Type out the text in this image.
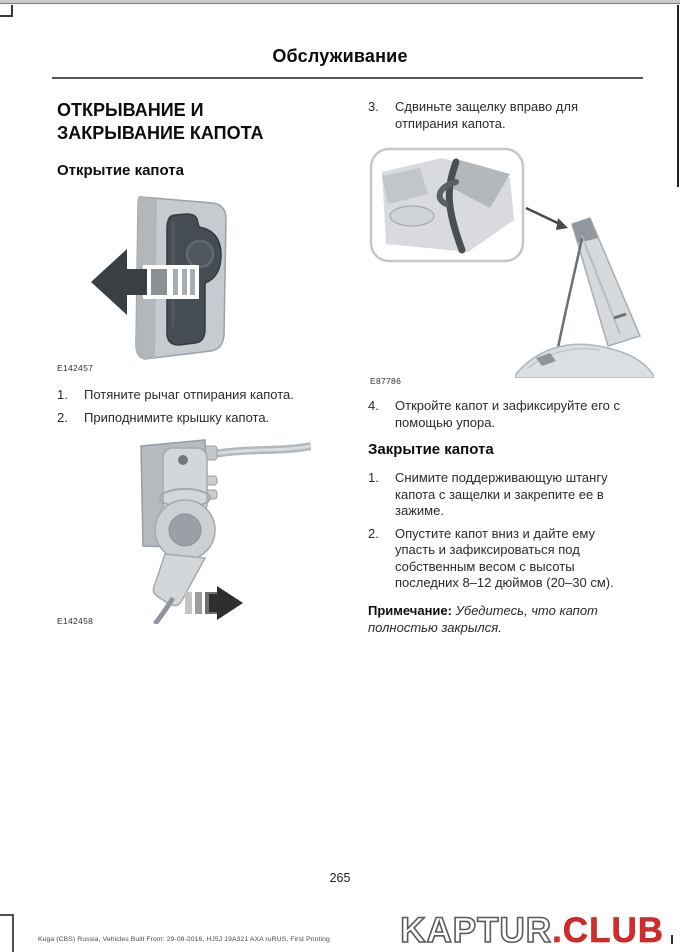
Обслуживание
ОТКРЫВАНИЕ И ЗАКРЫВАНИЕ КАПОТА
Открытие капота
E142457
1.	Потяните рычаг отпирания капота.
2.	Приподнимите крышку капота.
E142458
3.	Сдвиньте защелку вправо для отпирания капота.
E87786
4.	Откройте капот и зафиксируйте его с помощью упора.
Закрытие капота
1.	Снимите поддерживающую штангу капота с защелки и закрепите ее в зажиме.
2.	Опустите капот вниз и дайте ему упасть и зафиксироваться под собственным весом с высоты последних 8–12 дюймов (20–30 см).

Примечание: Убедитесь, что капот полностью закрылся.

265
Kuga (CBS) Russia, Vehicles Built From: 29-08-2016, HJ5J 19A321 AXA ruRUS, First Printing KAPTUR.CLUB
